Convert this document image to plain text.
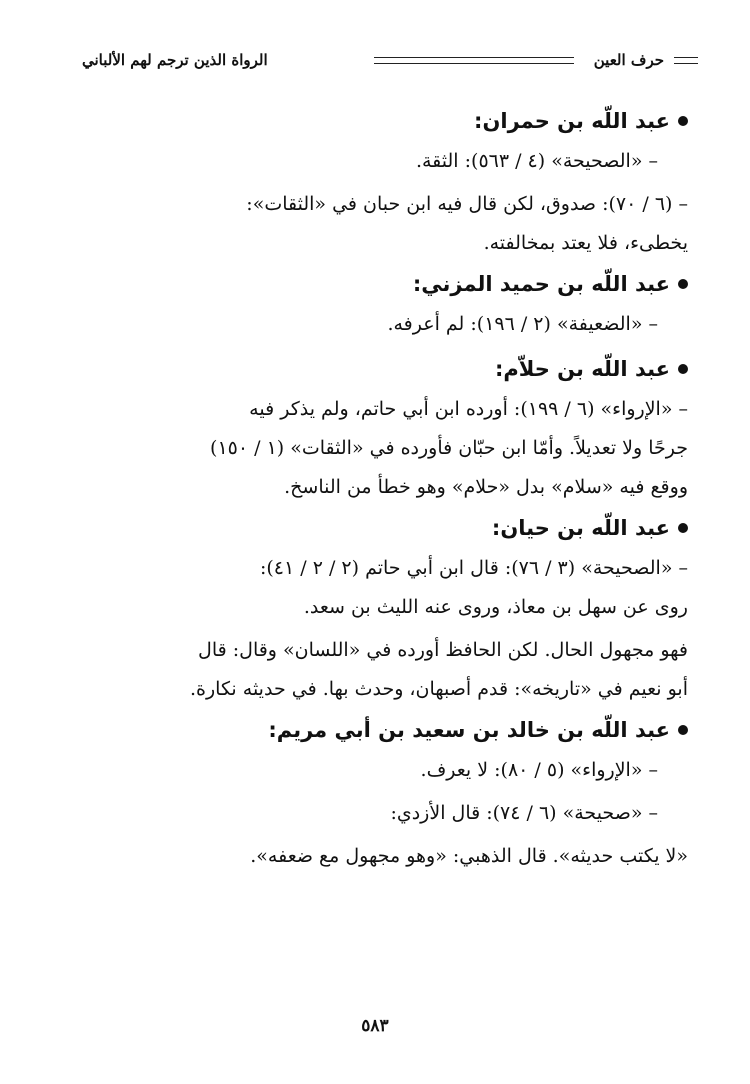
حرف العين
الرواة الذين ترجم لهم الألباني

عبد اللّه بن حمران:

– «الصحيحة» (٤ / ٥٦٣): الثقة.

– (٦ / ٧٠): صدوق، لكن قال فيه ابن حبان في «الثقات»:

يخطىء، فلا يعتد بمخالفته.

عبد اللّه بن حميد المزني:

– «الضعيفة» (٢ / ١٩٦): لم أعرفه.

عبد اللّه بن حلاّم:

– «الإرواء» (٦ / ١٩٩): أورده ابن أبي حاتم، ولم يذكر فيه

جرحًا ولا تعديلاً. وأمّا ابن حبّان فأورده في «الثقات» (١ / ١٥٠)

ووقع فيه «سلام» بدل «حلام» وهو خطأ من الناسخ.

عبد اللّه بن حيان:

– «الصحيحة» (٣ / ٧٦): قال ابن أبي حاتم (٢ / ٢ / ٤١):

روى عن سهل بن معاذ، وروى عنه الليث بن سعد.

فهو مجهول الحال. لكن الحافظ أورده في «اللسان» وقال: قال

أبو نعيم في «تاريخه»: قدم أصبهان، وحدث بها. في حديثه نكارة.

عبد اللّه بن خالد بن سعيد بن أبي مريم:

– «الإرواء» (٥ / ٨٠): لا يعرف.

– «صحيحة» (٦ / ٧٤): قال الأزدي:

«لا يكتب حديثه». قال الذهبي: «وهو مجهول مع ضعفه».

٥٨٣
